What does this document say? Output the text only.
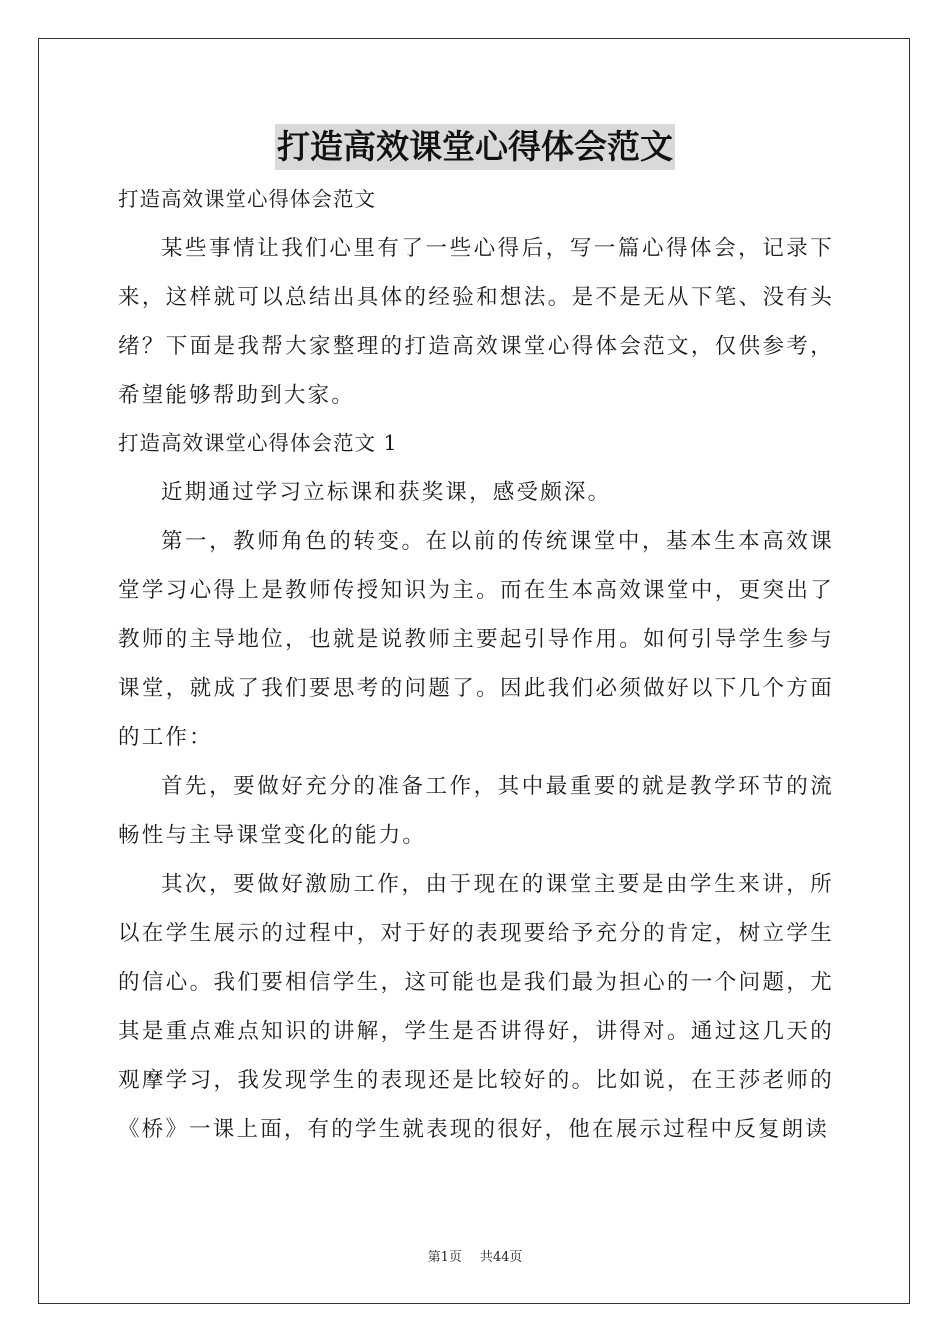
打造高效课堂心得体会范文

打造高效课堂心得体会范文

某些事情让我们心里有了一些心得后，写一篇心得体会，记录下来，这样就可以总结出具体的经验和想法。是不是无从下笔、没有头绪？下面是我帮大家整理的打造高效课堂心得体会范文，仅供参考，希望能够帮助到大家。

打造高效课堂心得体会范文 1

近期通过学习立标课和获奖课，感受颇深。

第一，教师角色的转变。在以前的传统课堂中，基本生本高效课堂学习心得上是教师传授知识为主。而在生本高效课堂中，更突出了教师的主导地位，也就是说教师主要起引导作用。如何引导学生参与课堂，就成了我们要思考的问题了。因此我们必须做好以下几个方面的工作：

首先，要做好充分的准备工作，其中最重要的就是教学环节的流畅性与主导课堂变化的能力。

其次，要做好激励工作，由于现在的课堂主要是由学生来讲，所以在学生展示的过程中，对于好的表现要给予充分的肯定，树立学生的信心。我们要相信学生，这可能也是我们最为担心的一个问题，尤其是重点难点知识的讲解，学生是否讲得好，讲得对。通过这几天的观摩学习，我发现学生的表现还是比较好的。比如说，在王莎老师的《桥》一课上面，有的学生就表现的很好，他在展示过程中反复朗读

第1页 共44页
